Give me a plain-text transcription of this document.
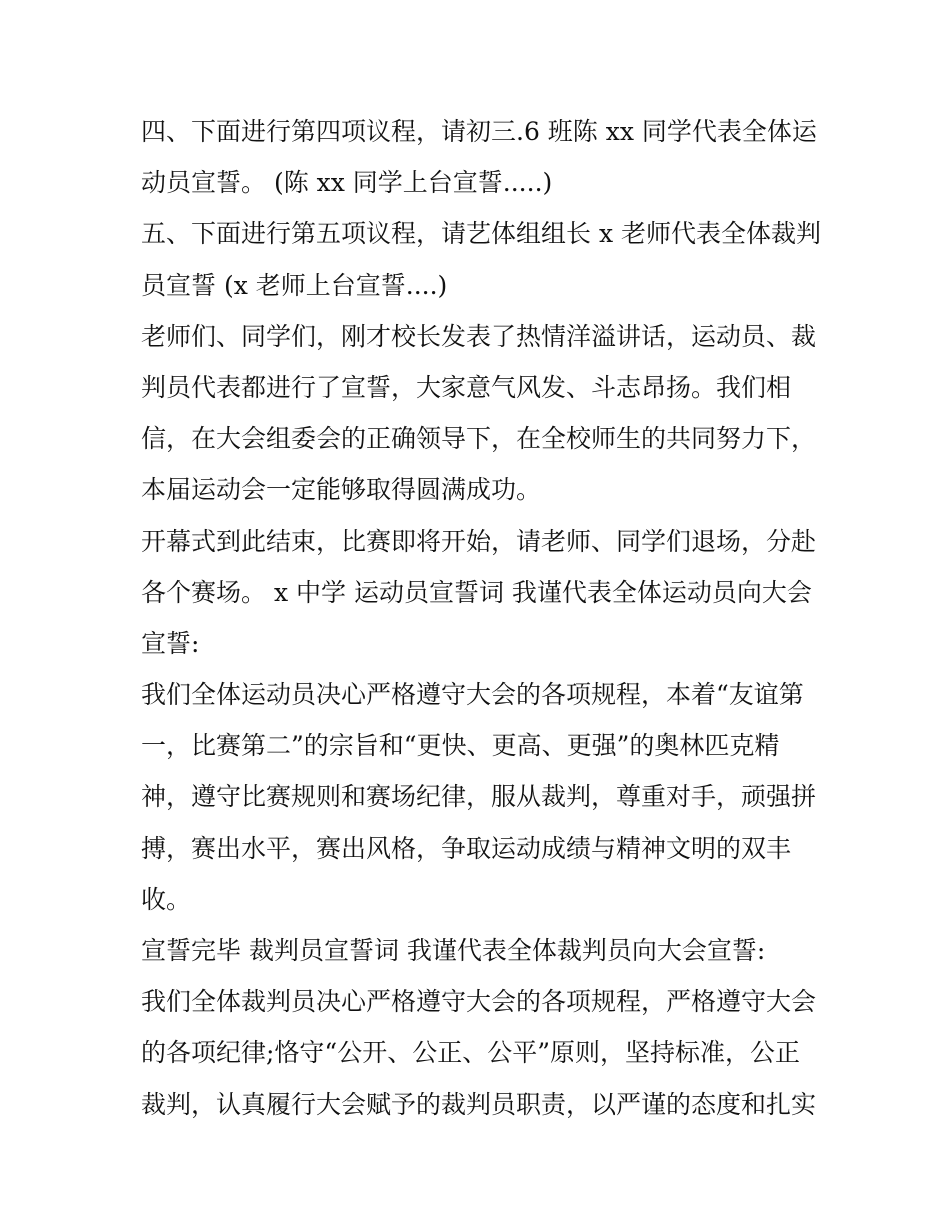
四、下面进行第四项议程，请初三.6 班陈 xx 同学代表全体运
动员宣誓。 (陈 xx 同学上台宣誓.....)
五、下面进行第五项议程，请艺体组组长 x 老师代表全体裁判
员宣誓 (x 老师上台宣誓....)
老师们、同学们，刚才校长发表了热情洋溢讲话，运动员、裁
判员代表都进行了宣誓，大家意气风发、斗志昂扬。我们相
信，在大会组委会的正确领导下，在全校师生的共同努力下，
本届运动会一定能够取得圆满成功。
开幕式到此结束，比赛即将开始，请老师、同学们退场，分赴
各个赛场。 x 中学 运动员宣誓词 我谨代表全体运动员向大会
宣誓:
我们全体运动员决心严格遵守大会的各项规程，本着“友谊第
一，比赛第二”的宗旨和“更快、更高、更强”的奥林匹克精
神，遵守比赛规则和赛场纪律，服从裁判，尊重对手，顽强拼
搏，赛出水平，赛出风格，争取运动成绩与精神文明的双丰
收。
宣誓完毕 裁判员宣誓词 我谨代表全体裁判员向大会宣誓:
我们全体裁判员决心严格遵守大会的各项规程，严格遵守大会
的各项纪律;恪守“公开、公正、公平”原则，坚持标准，公正
裁判，认真履行大会赋予的裁判员职责，以严谨的态度和扎实
